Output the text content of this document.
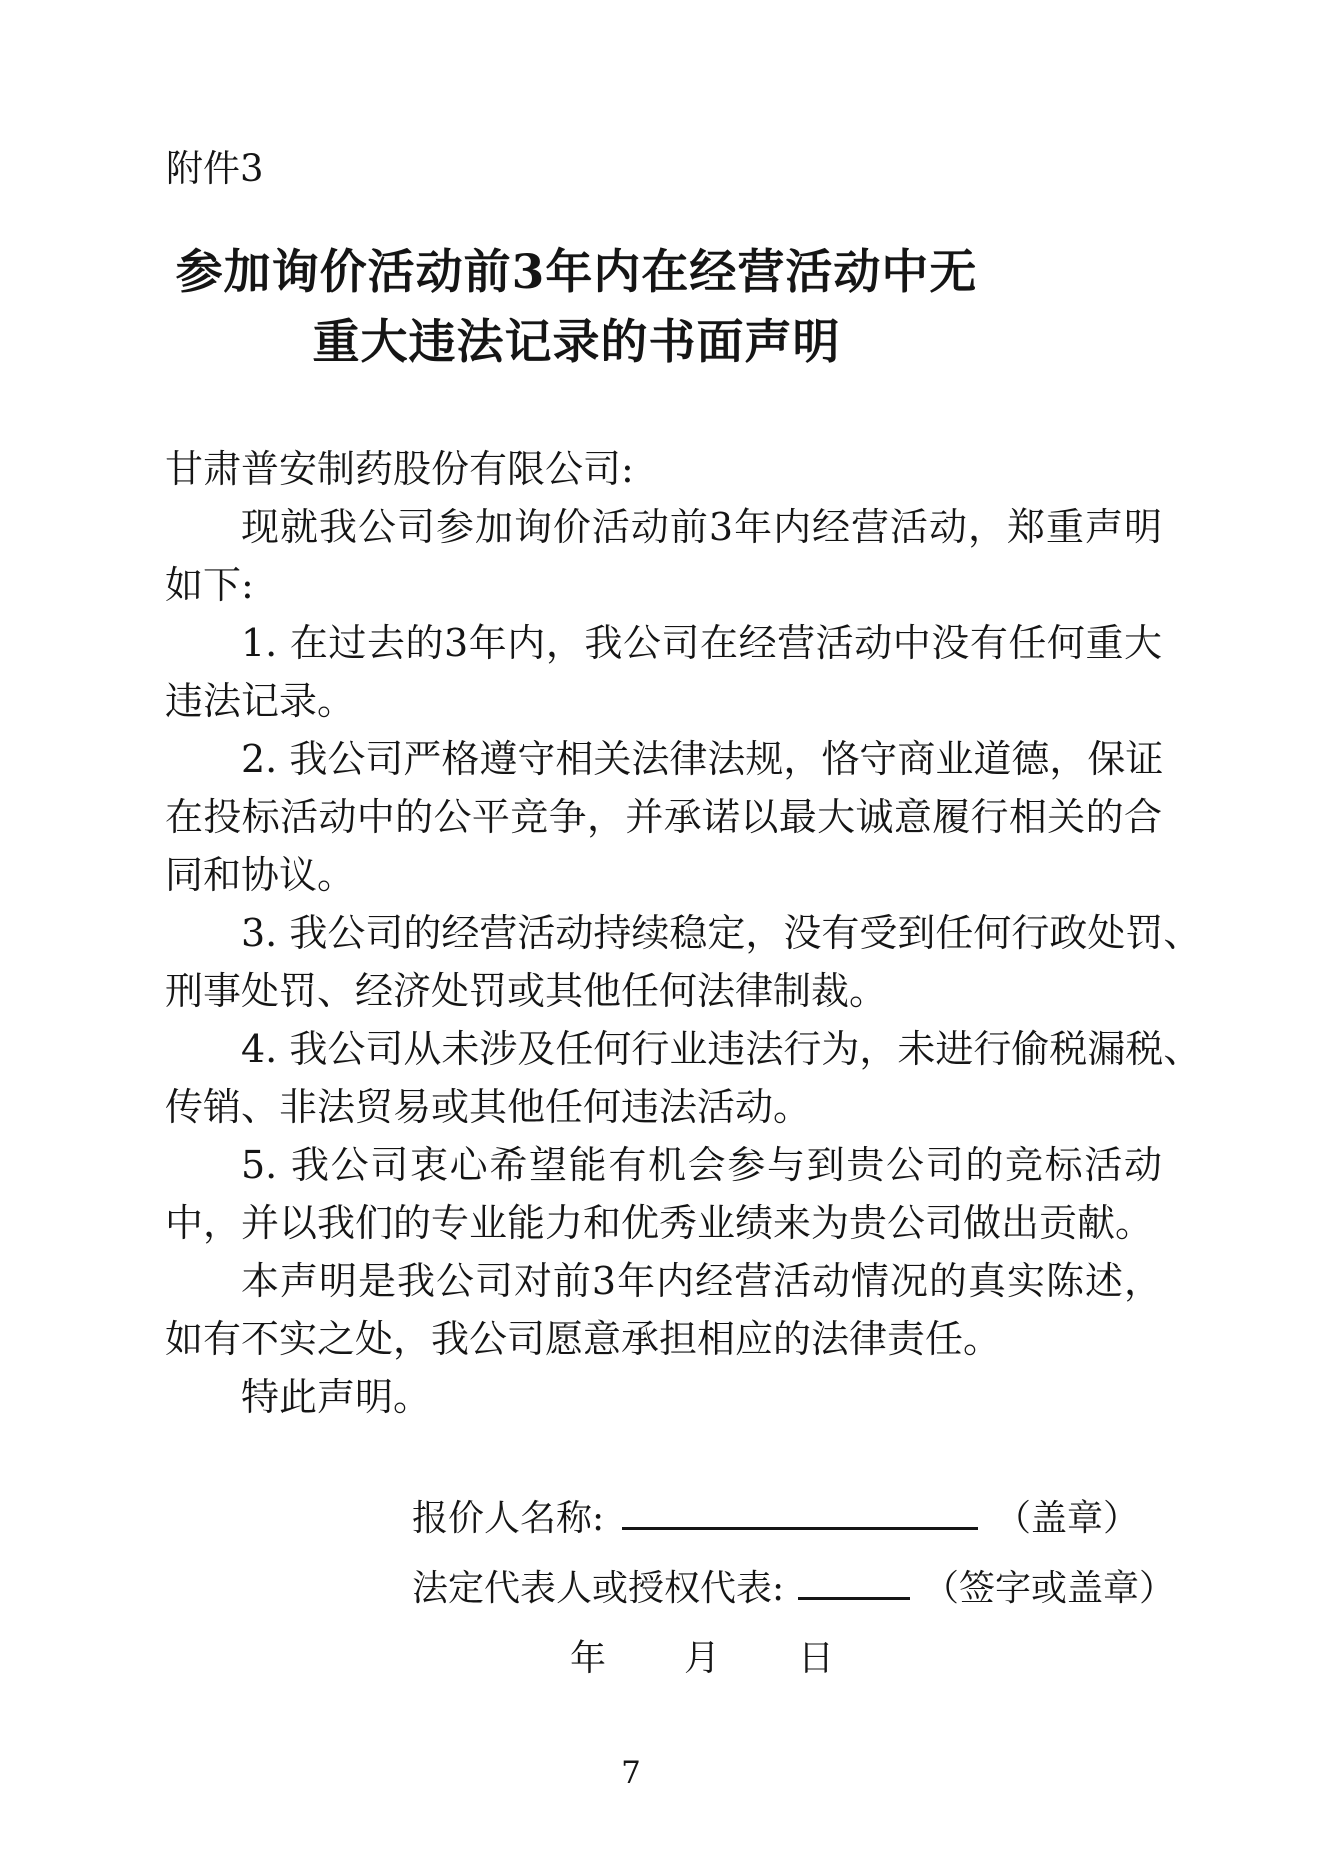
附件3
参加询价活动前3年内在经营活动中无
重大违法记录的书面声明
甘肃普安制药股份有限公司:
现就我公司参加询价活动前3年内经营活动，郑重声明
如下:
1. 在过去的3年内，我公司在经营活动中没有任何重大
违法记录。
2. 我公司严格遵守相关法律法规，恪守商业道德，保证
在投标活动中的公平竞争，并承诺以最大诚意履行相关的合
同和协议。
3. 我公司的经营活动持续稳定，没有受到任何行政处罚、
刑事处罚、经济处罚或其他任何法律制裁。
4. 我公司从未涉及任何行业违法行为，未进行偷税漏税、
传销、非法贸易或其他任何违法活动。
5. 我公司衷心希望能有机会参与到贵公司的竞标活动
中，并以我们的专业能力和优秀业绩来为贵公司做出贡献。
本声明是我公司对前3年内经营活动情况的真实陈述，
如有不实之处，我公司愿意承担相应的法律责任。
特此声明。
报价人名称:	（盖章）
法定代表人或授权代表:	（签字或盖章）
年　　月　　日
7
